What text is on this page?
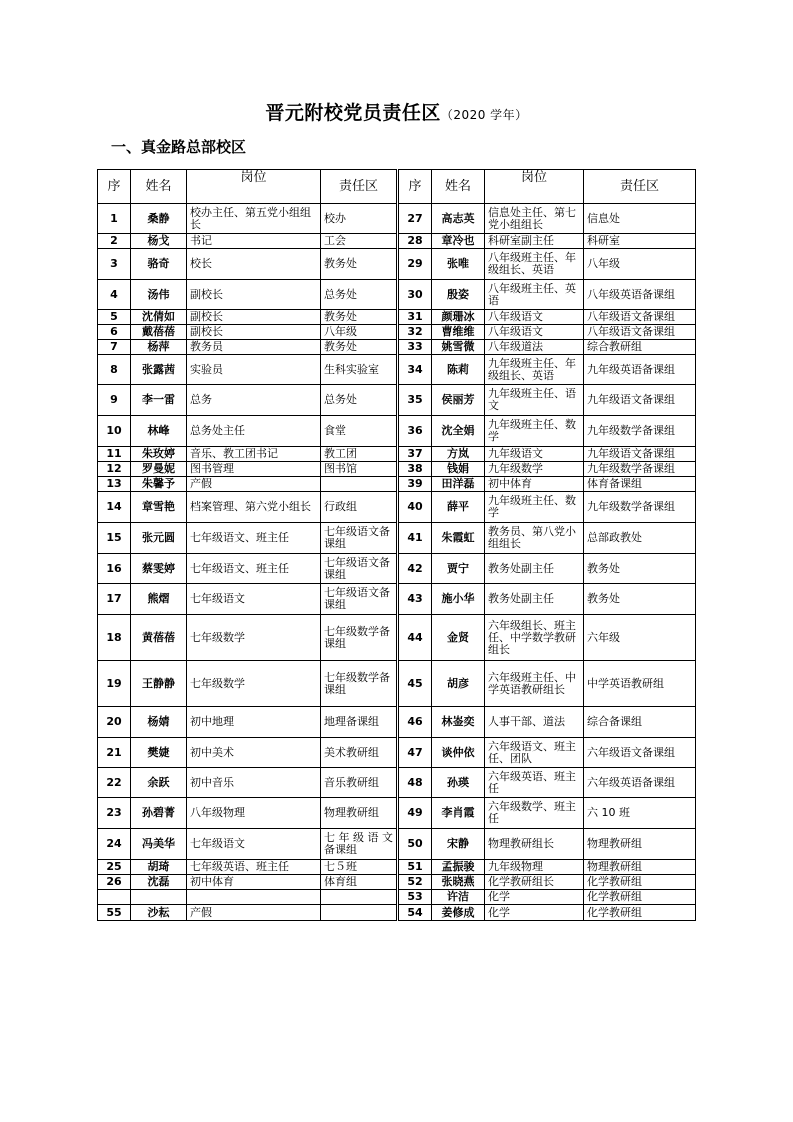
晋元附校党员责任区（2020 学年）
一、真金路总部校区
序	姓名	岗位	责任区	序	姓名	岗位	责任区
1	桑静	校办主任、第五党小组组长	校办	27	高志英	信息处主任、第七党小组组长	信息处
2	杨戈	书记	工会	28	章冷也	科研室副主任	科研室
3	骆奇	校长	教务处	29	张唯	八年级班主任、年级组长、英语	八年级
4	汤伟	副校长	总务处	30	殷姿	八年级班主任、英语	八年级英语备课组
5	沈倩如	副校长	教务处	31	颜珊冰	八年级语文	八年级语文备课组
6	戴蓓蓓	副校长	八年级	32	曹维维	八年级语文	八年级语文备课组
7	杨萍	教务员	教务处	33	姚雪微	八年级道法	综合教研组
8	张露茜	实验员	生科实验室	34	陈莉	九年级班主任、年级组长、英语	九年级英语备课组
9	李一雷	总务	总务处	35	侯丽芳	九年级班主任、语文	九年级语文备课组
10	林峰	总务处主任	食堂	36	沈全娟	九年级班主任、数学	九年级数学备课组
11	朱玫婷	音乐、教工团书记	教工团	37	方岚	九年级语文	九年级语文备课组
12	罗曼妮	图书管理	图书馆	38	钱娟	九年级数学	九年级数学备课组
13	朱馨予	产假		39	田洋磊	初中体育	体育备课组
14	章雪艳	档案管理、第六党小组长	行政组	40	薛平	九年级班主任、数学	九年级数学备课组
15	张元圆	七年级语文、班主任	七年级语文备课组	41	朱霞虹	教务员、第八党小组组长	总部政教处
16	蔡雯婷	七年级语文、班主任	七年级语文备课组	42	贾宁	教务处副主任	教务处
17	熊熠	七年级语文	七年级语文备课组	43	施小华	教务处副主任	教务处
18	黄蓓蓓	七年级数学	七年级数学备课组	44	金贤	六年级组长、班主任、中学数学教研组长	六年级
19	王静静	七年级数学	七年级数学备课组	45	胡彦	六年级班主任、中学英语教研组长	中学英语教研组
20	杨婧	初中地理	地理备课组	46	林崟奕	人事干部、道法	综合备课组
21	樊婕	初中美术	美术教研组	47	谈仲依	六年级语文、班主任、团队	六年级语文备课组
22	余跃	初中音乐	音乐教研组	48	孙瑛	六年级英语、班主任	六年级英语备课组
23	孙碧菁	八年级物理	物理教研组	49	李肖霞	六年级数学、班主任	六 10 班
24	冯美华	七年级语文	七 年 级 语 文备课组	50	宋静	物理教研组长	物理教研组
25	胡琦	七年级英语、班主任	七５班	51	孟振骏	九年级物理	物理教研组
26	沈磊	初中体育	体育组	52	张晓燕	化学教研组长	化学教研组
				53	许洁	化学	化学教研组
55	沙耘	产假		54	姜修成	化学	化学教研组
